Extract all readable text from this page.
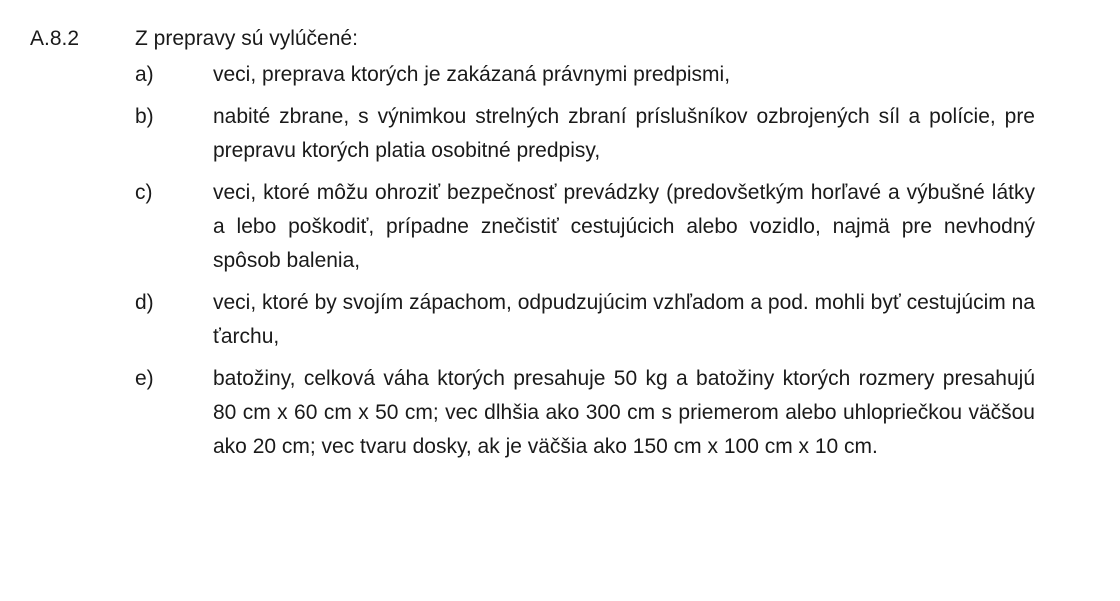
A.8.2	Z prepravy sú vylúčené:
a)	veci, preprava ktorých je zakázaná právnymi predpismi,
b)	nabité zbrane, s výnimkou strelných zbraní príslušníkov ozbrojených síl a polície, pre prepravu ktorých platia osobitné predpisy,
c)	veci, ktoré môžu ohroziť bezpečnosť prevádzky (predovšetkým horľavé a výbušné látky a lebo poškodiť, prípadne znečistiť cestujúcich alebo vozidlo, najmä pre nevhodný spôsob balenia,
d)	veci, ktoré by svojím zápachom, odpudzujúcim vzhľadom a pod. mohli byť cestujúcim na ťarchu,
e)	batožiny, celková váha ktorých presahuje 50 kg a batožiny ktorých rozmery presahujú 80 cm x 60 cm x 50 cm; vec dlhšia ako 300 cm s priemerom alebo uhlopriečkou väčšou ako 20 cm; vec tvaru dosky, ak je väčšia ako 150 cm x 100 cm x 10 cm.
